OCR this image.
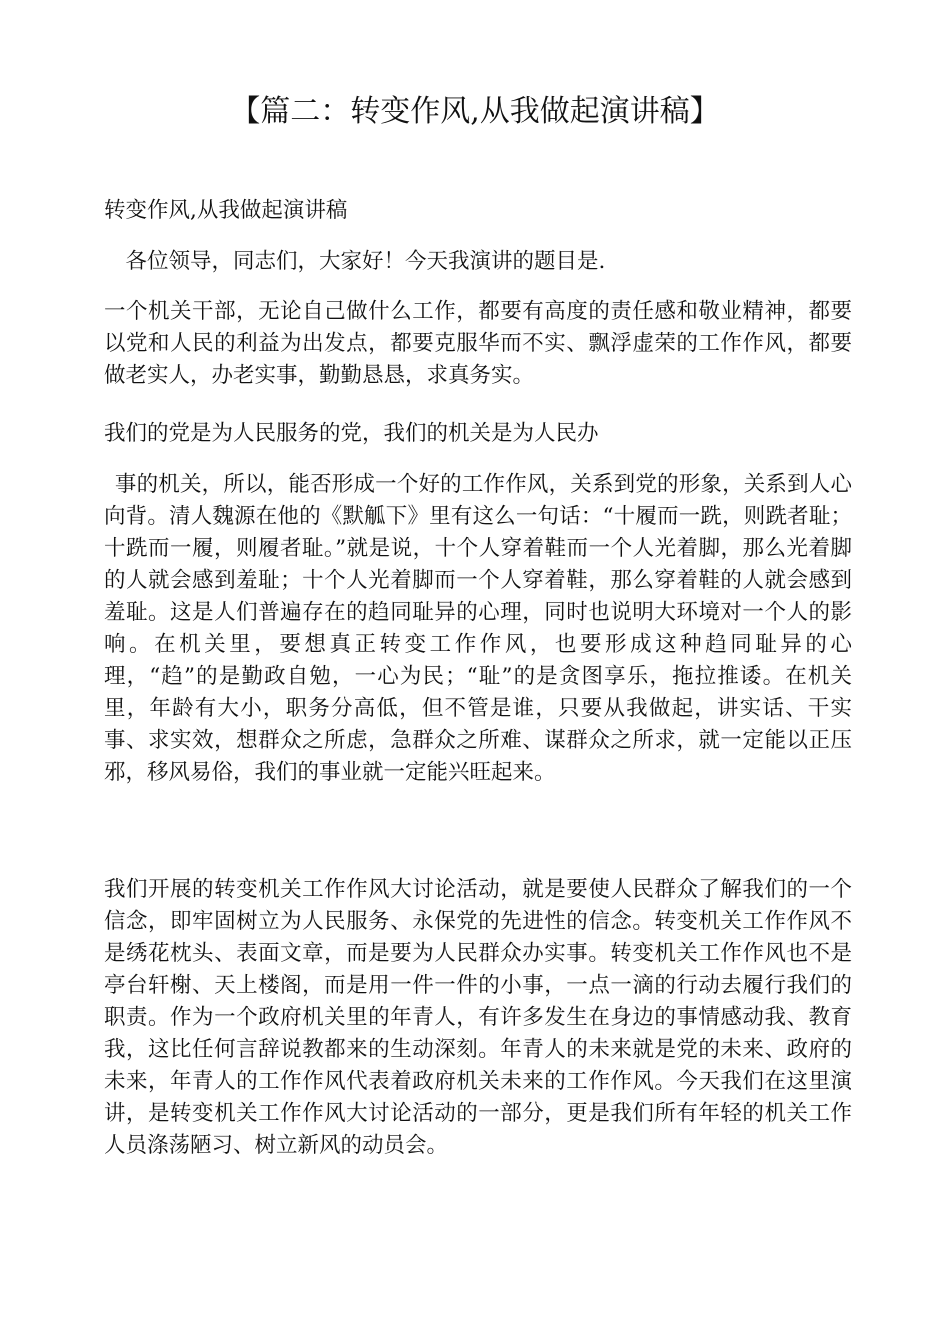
【篇二：转变作风,从我做起演讲稿】

转变作风,从我做起演讲稿

 各位领导，同志们，大家好！今天我演讲的题目是.

一个机关干部，无论自己做什么工作，都要有高度的责任感和敬业精神，都要以党和人民的利益为出发点，都要克服华而不实、飘浮虚荣的工作作风，都要做老实人，办老实事，勤勤恳恳，求真务实。

我们的党是为人民服务的党，我们的机关是为人民办

 事的机关，所以，能否形成一个好的工作作风，关系到党的形象，关系到人心向背。清人魏源在他的《默觚下》里有这么一句话：“十履而一跣，则跣者耻；十跣而一履，则履者耻。”就是说，十个人穿着鞋而一个人光着脚，那么光着脚的人就会感到羞耻；十个人光着脚而一个人穿着鞋，那么穿着鞋的人就会感到羞耻。这是人们普遍存在的趋同耻异的心理，同时也说明大环境对一个人的影响。在机关里，要想真正转变工作作风，也要形成这种趋同耻异的心理，“趋”的是勤政自勉，一心为民；“耻”的是贪图享乐，拖拉推诿。在机关里，年龄有大小，职务分高低，但不管是谁，只要从我做起，讲实话、干实事、求实效，想群众之所虑，急群众之所难、谋群众之所求，就一定能以正压邪，移风易俗，我们的事业就一定能兴旺起来。

我们开展的转变机关工作作风大讨论活动，就是要使人民群众了解我们的一个信念，即牢固树立为人民服务、永保党的先进性的信念。转变机关工作作风不是绣花枕头、表面文章，而是要为人民群众办实事。转变机关工作作风也不是亭台轩榭、天上楼阁，而是用一件一件的小事，一点一滴的行动去履行我们的职责。作为一个政府机关里的年青人，有许多发生在身边的事情感动我、教育我，这比任何言辞说教都来的生动深刻。年青人的未来就是党的未来、政府的未来，年青人的工作作风代表着政府机关未来的工作作风。今天我们在这里演讲，是转变机关工作作风大讨论活动的一部分，更是我们所有年轻的机关工作人员涤荡陋习、树立新风的动员会。
